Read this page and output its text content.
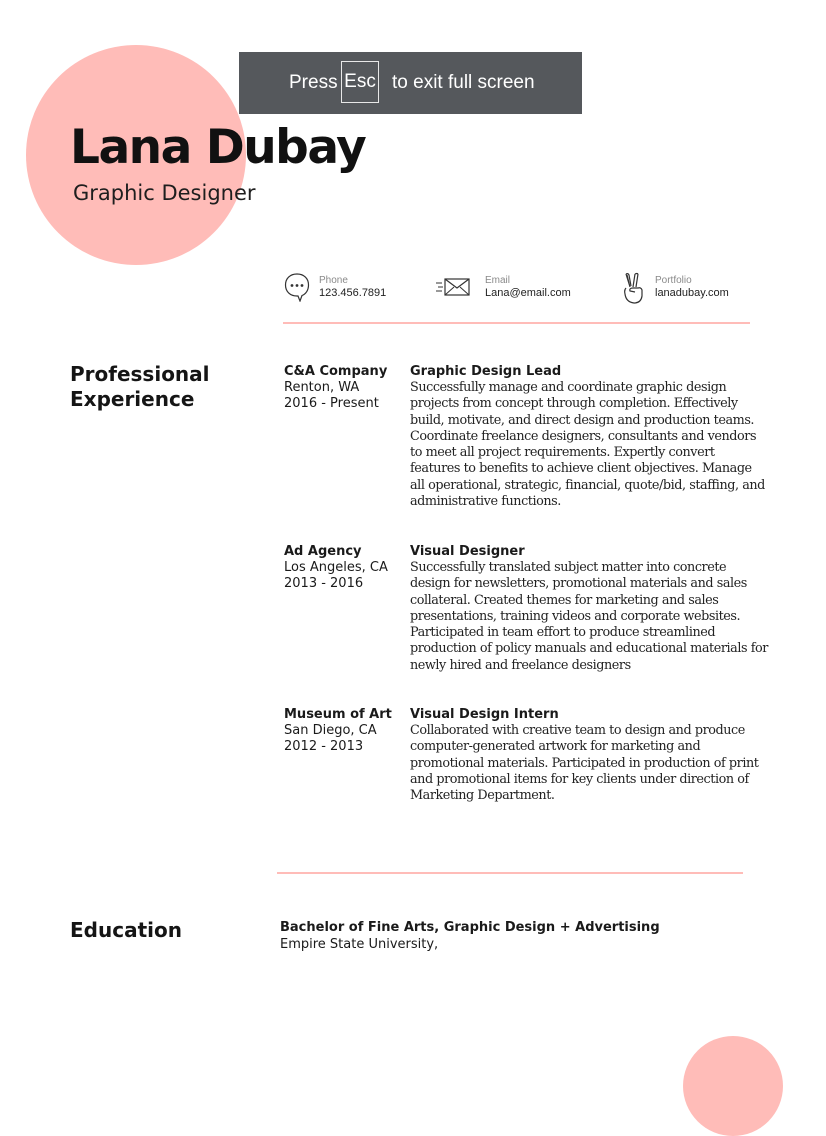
Lana Dubay
Graphic Designer
Press Esc to exit full screen
Phone
123.456.7891
Email
Lana@email.com
Portfolio
lanadubay.com
Professional
Experience
C&A Company
Renton, WA
2016 - Present
Graphic Design Lead

Successfully manage and coordinate graphic design projects from concept through completion. Effectively build, motivate, and direct design and production teams. Coordinate freelance designers, consultants and vendors to meet all project requirements. Expertly convert features to benefits to achieve client objectives. Manage all operational, strategic, financial, quote/bid, staffing, and administrative functions.

Ad Agency
Los Angeles, CA
2013 - 2016
Visual Designer

Successfully translated subject matter into concrete design for newsletters, promotional materials and sales collateral. Created themes for marketing and sales presentations, training videos and corporate websites. Participated in team effort to produce streamlined production of policy manuals and educational materials for newly hired and freelance designers

Museum of Art
San Diego, CA
2012 - 2013
Visual Design Intern

Collaborated with creative team to design and produce computer-generated artwork for marketing and promotional materials. Participated in production of print and promotional items for key clients under direction of Marketing Department.

Education	Bachelor of Fine Arts, Graphic Design + Advertising
Empire State University,
